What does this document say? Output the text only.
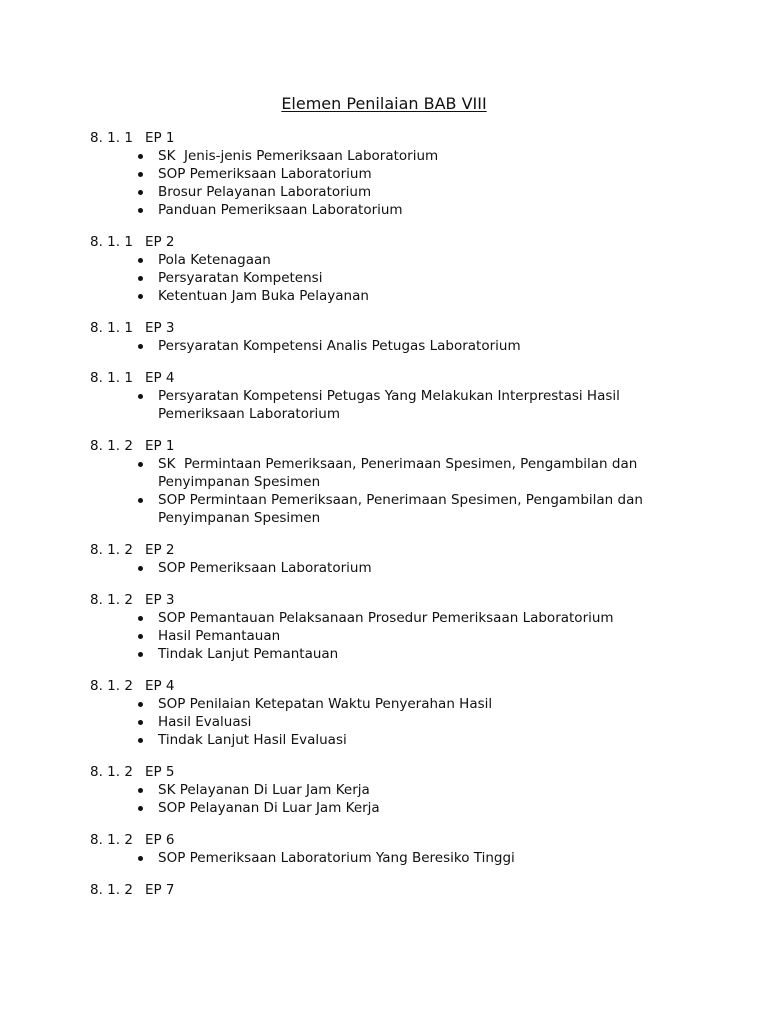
Elemen Penilaian BAB VIII
8. 1. 1 EP 1
SK  Jenis-jenis Pemeriksaan Laboratorium
SOP Pemeriksaan Laboratorium
Brosur Pelayanan Laboratorium
Panduan Pemeriksaan Laboratorium
8. 1. 1 EP 2
Pola Ketenagaan
Persyaratan Kompetensi
Ketentuan Jam Buka Pelayanan
8. 1. 1 EP 3
Persyaratan Kompetensi Analis Petugas Laboratorium
8. 1. 1 EP 4
Persyaratan Kompetensi Petugas Yang Melakukan Interprestasi Hasil Pemeriksaan Laboratorium
8. 1. 2 EP 1
SK  Permintaan Pemeriksaan, Penerimaan Spesimen, Pengambilan dan Penyimpanan Spesimen
SOP Permintaan Pemeriksaan, Penerimaan Spesimen, Pengambilan dan Penyimpanan Spesimen
8. 1. 2 EP 2
SOP Pemeriksaan Laboratorium
8. 1. 2 EP 3
SOP Pemantauan Pelaksanaan Prosedur Pemeriksaan Laboratorium
Hasil Pemantauan
Tindak Lanjut Pemantauan
8. 1. 2 EP 4
SOP Penilaian Ketepatan Waktu Penyerahan Hasil
Hasil Evaluasi
Tindak Lanjut Hasil Evaluasi
8. 1. 2 EP 5
SK Pelayanan Di Luar Jam Kerja
SOP Pelayanan Di Luar Jam Kerja
8. 1. 2 EP 6
SOP Pemeriksaan Laboratorium Yang Beresiko Tinggi
8. 1. 2 EP 7
